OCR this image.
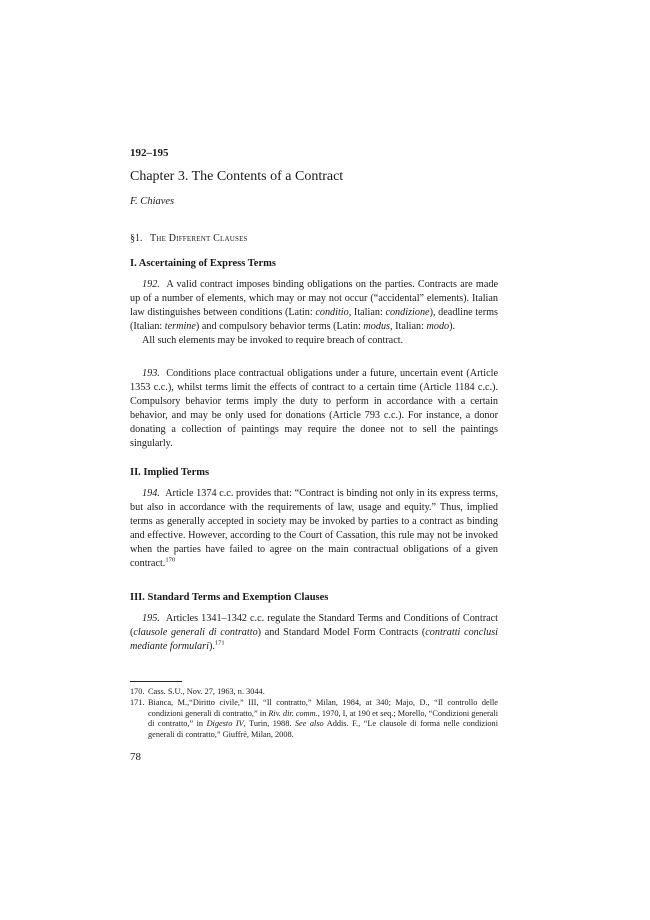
192–195
Chapter 3. The Contents of a Contract
F. Chiaves
§1. The Different Clauses
I. Ascertaining of Express Terms

192. A valid contract imposes binding obligations on the parties. Contracts are made up of a number of elements, which may or may not occur (“accidental” elements). Italian law distinguishes between conditions (Latin: conditio, Italian: condizione), deadline terms (Italian: termine) and compulsory behavior terms (Latin: modus, Italian: modo).

All such elements may be invoked to require breach of contract.

193. Conditions place contractual obligations under a future, uncertain event (Article 1353 c.c.), whilst terms limit the effects of contract to a certain time (Article 1184 c.c.). Compulsory behavior terms imply the duty to perform in accordance with a certain behavior, and may be only used for donations (Article 793 c.c.). For instance, a donor donating a collection of paintings may require the donee not to sell the paintings singularly.

II. Implied Terms

194. Article 1374 c.c. provides that: “Contract is binding not only in its express terms, but also in accordance with the requirements of law, usage and equity.” Thus, implied terms as generally accepted in society may be invoked by parties to a contract as binding and effective. However, according to the Court of Cassation, this rule may not be invoked when the parties have failed to agree on the main contractual obligations of a given contract.$^{170}$

III. Standard Terms and Exemption Clauses

195. Articles 1341–1342 c.c. regulate the Standard Terms and Conditions of Contract (clausole generali di contratto) and Standard Model Form Contracts (contratti conclusi mediante formulari).$^{171}$

170. Cass. S.U., Nov. 27, 1963, n. 3044.
171. Bianca, M.,“Diritto civile,” III, “Il contratto,” Milan, 1984, at 340; Majo, D., “Il controllo delle condizioni generali di contratto,” in Riv. dir. comm., 1970, I, at 190 et seq.; Morello, “Condizioni generali di contratto,” in Digesto IV, Turin, 1988. See also Addis. F., “Le clausole di forma nelle condizioni generali di contratto,” Giuffrè, Milan, 2008.
78
